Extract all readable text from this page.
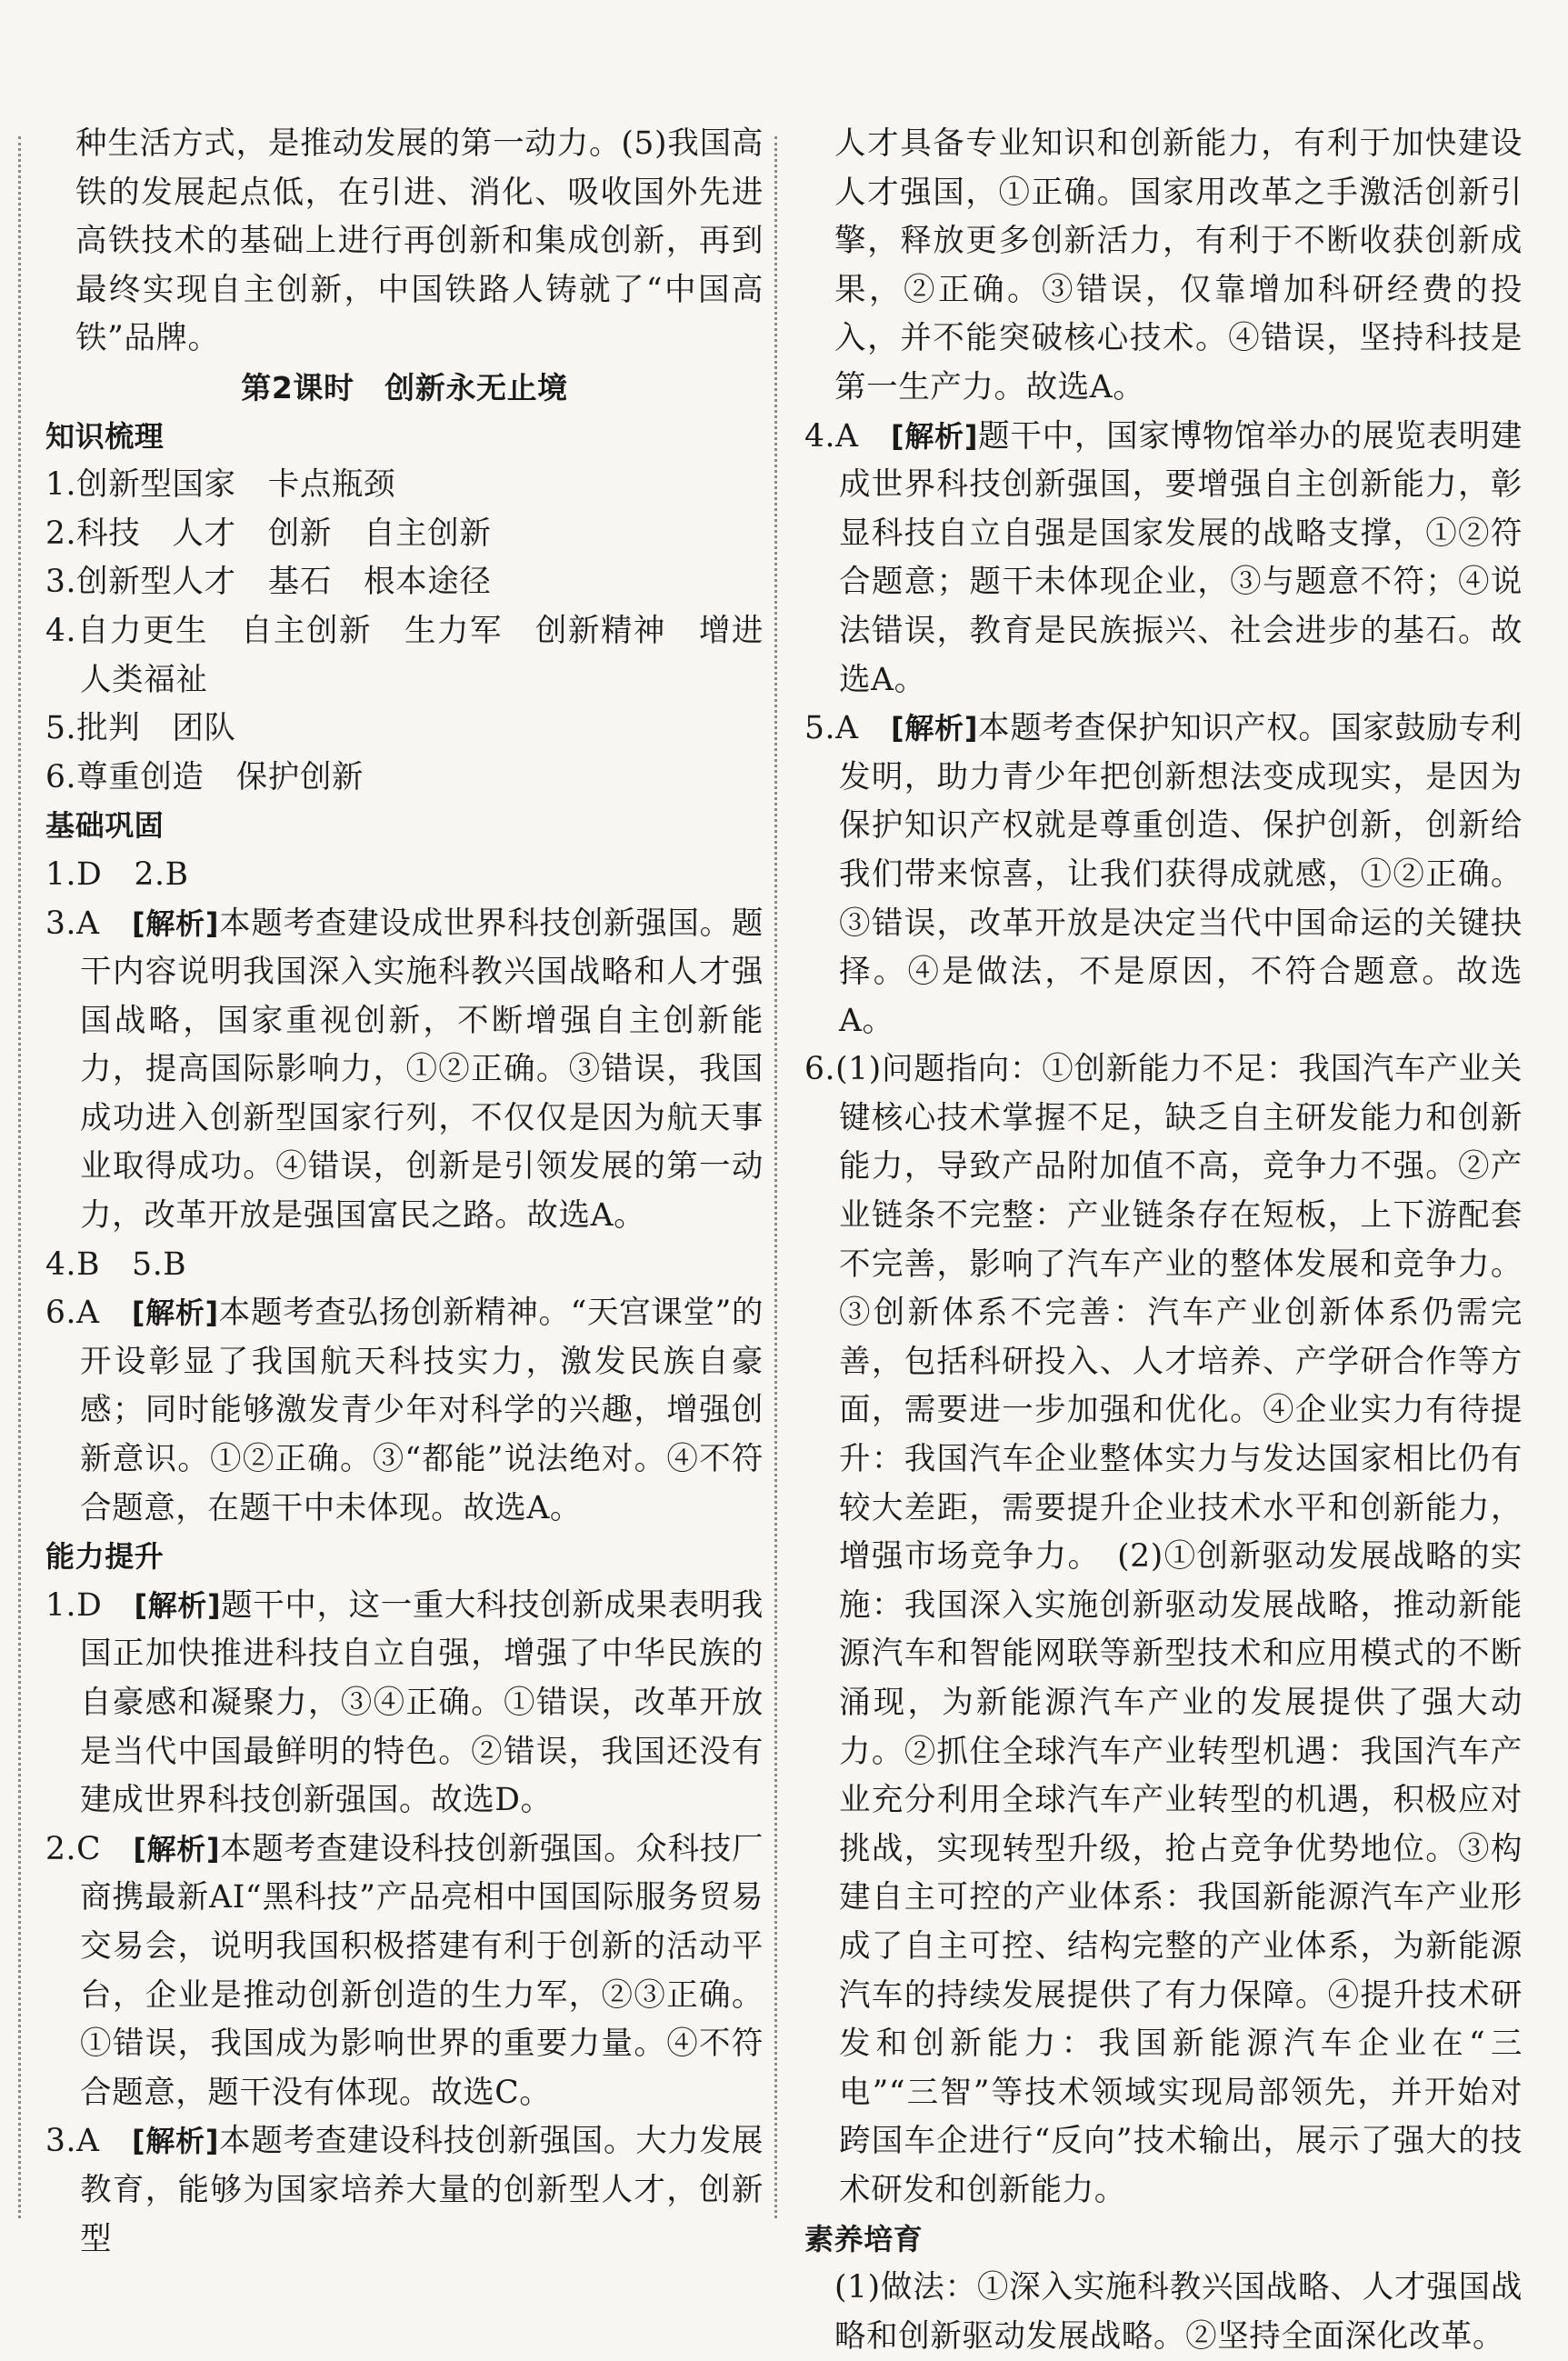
种生活方式，是推动发展的第一动力。(5)我国高铁的发展起点低，在引进、消化、吸收国外先进高铁技术的基础上进行再创新和集成创新，再到最终实现自主创新，中国铁路人铸就了“中国高铁”品牌。
第2课时　创新永无止境
知识梳理
1.创新型国家　卡点瓶颈
2.科技　人才　创新　自主创新
3.创新型人才　基石　根本途径
4.自力更生　自主创新　生力军　创新精神　增进人类福祉
5.批判　团队
6.尊重创造　保护创新
基础巩固
1.D　2.B
3.A　[解析]本题考查建设成世界科技创新强国。题干内容说明我国深入实施科教兴国战略和人才强国战略，国家重视创新，不断增强自主创新能力，提高国际影响力，①②正确。③错误，我国成功进入创新型国家行列，不仅仅是因为航天事业取得成功。④错误，创新是引领发展的第一动力，改革开放是强国富民之路。故选A。
4.B　5.B
6.A　[解析]本题考查弘扬创新精神。“天宫课堂”的开设彰显了我国航天科技实力，激发民族自豪感；同时能够激发青少年对科学的兴趣，增强创新意识。①②正确。③“都能”说法绝对。④不符合题意，在题干中未体现。故选A。
能力提升
1.D　[解析]题干中，这一重大科技创新成果表明我国正加快推进科技自立自强，增强了中华民族的自豪感和凝聚力，③④正确。①错误，改革开放是当代中国最鲜明的特色。②错误，我国还没有建成世界科技创新强国。故选D。
2.C　[解析]本题考查建设科技创新强国。众科技厂商携最新AI“黑科技”产品亮相中国国际服务贸易交易会，说明我国积极搭建有利于创新的活动平台，企业是推动创新创造的生力军，②③正确。①错误，我国成为影响世界的重要力量。④不符合题意，题干没有体现。故选C。
3.A　[解析]本题考查建设科技创新强国。大力发展教育，能够为国家培养大量的创新型人才，创新型
人才具备专业知识和创新能力，有利于加快建设人才强国，①正确。国家用改革之手激活创新引擎，释放更多创新活力，有利于不断收获创新成果，②正确。③错误，仅靠增加科研经费的投入，并不能突破核心技术。④错误，坚持科技是第一生产力。故选A。
4.A　[解析]题干中，国家博物馆举办的展览表明建成世界科技创新强国，要增强自主创新能力，彰显科技自立自强是国家发展的战略支撑，①②符合题意；题干未体现企业，③与题意不符；④说法错误，教育是民族振兴、社会进步的基石。故选A。
5.A　[解析]本题考查保护知识产权。国家鼓励专利发明，助力青少年把创新想法变成现实，是因为保护知识产权就是尊重创造、保护创新，创新给我们带来惊喜，让我们获得成就感，①②正确。③错误，改革开放是决定当代中国命运的关键抉择。④是做法，不是原因，不符合题意。故选A。
6.(1)问题指向：①创新能力不足：我国汽车产业关键核心技术掌握不足，缺乏自主研发能力和创新能力，导致产品附加值不高，竞争力不强。②产业链条不完整：产业链条存在短板，上下游配套不完善，影响了汽车产业的整体发展和竞争力。③创新体系不完善：汽车产业创新体系仍需完善，包括科研投入、人才培养、产学研合作等方面，需要进一步加强和优化。④企业实力有待提升：我国汽车企业整体实力与发达国家相比仍有较大差距，需要提升企业技术水平和创新能力，增强市场竞争力。　(2)①创新驱动发展战略的实施：我国深入实施创新驱动发展战略，推动新能源汽车和智能网联等新型技术和应用模式的不断涌现，为新能源汽车产业的发展提供了强大动力。②抓住全球汽车产业转型机遇：我国汽车产业充分利用全球汽车产业转型的机遇，积极应对挑战，实现转型升级，抢占竞争优势地位。③构建自主可控的产业体系：我国新能源汽车产业形成了自主可控、结构完整的产业体系，为新能源汽车的持续发展提供了有力保障。④提升技术研发和创新能力：我国新能源汽车企业在“三电”“三智”等技术领域实现局部领先，并开始对跨国车企进行“反向”技术输出，展示了强大的技术研发和创新能力。
素养培育
(1)做法：①深入实施科教兴国战略、人才强国战略和创新驱动发展战略。②坚持全面深化改革。
